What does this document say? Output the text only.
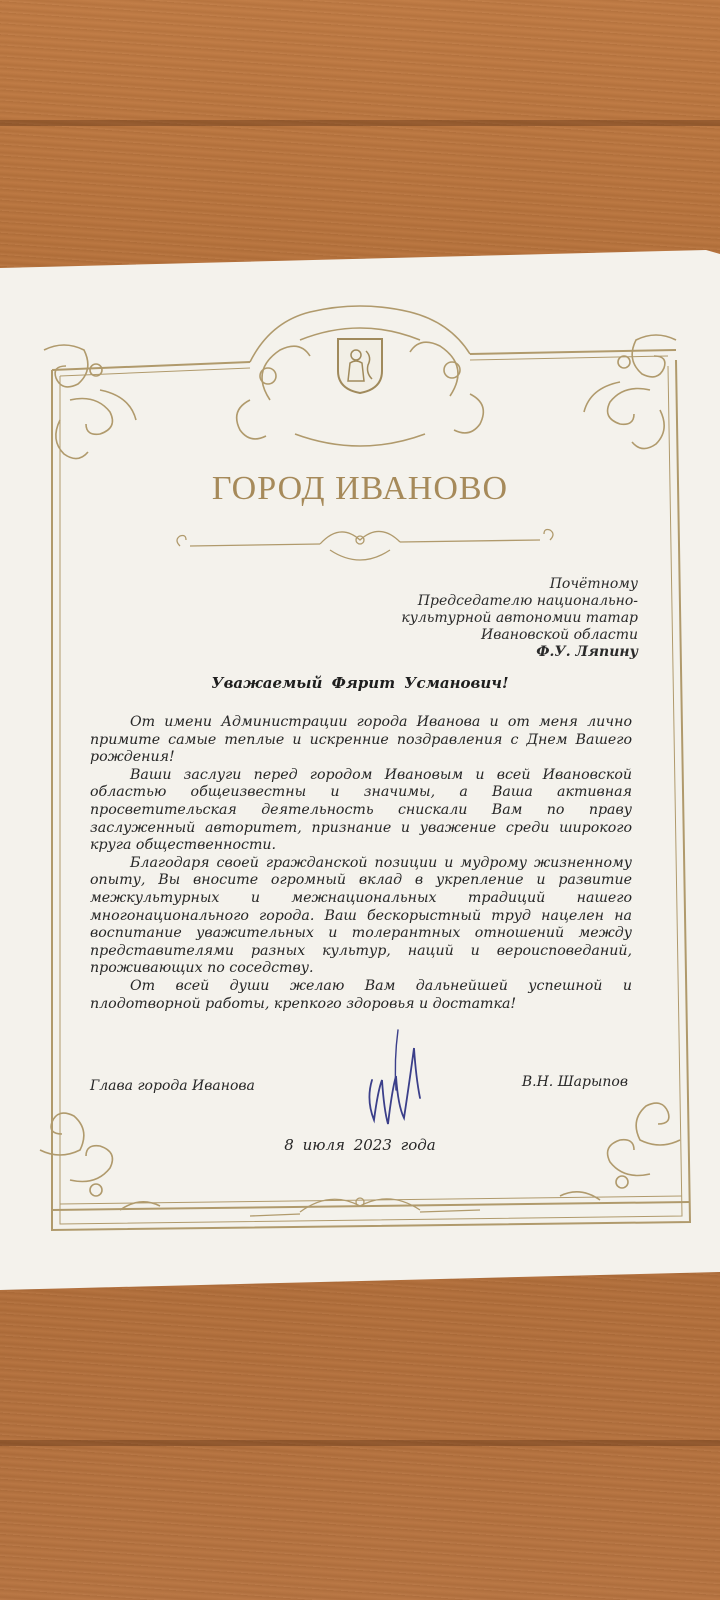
ГОРОД ИВАНОВО
Почётному
Председателю национально-
культурной автономии татар
Ивановской области
Ф.У. Ляпину
Уважаемый Фярит Усманович!

От имени Администрации города Иванова и от меня лично примите самые теплые и искренние поздравления с Днем Вашего рождения!

Ваши заслуги перед городом Ивановым и всей Ивановской областью общеизвестны и значимы, а Ваша активная просветительская деятельность снискали Вам по праву заслуженный авторитет, признание и уважение среди широкого круга общественности.

Благодаря своей гражданской позиции и мудрому жизненному опыту, Вы вносите огромный вклад в укрепление и развитие межкультурных и межнациональных традиций нашего многонационального города. Ваш бескорыстный труд нацелен на воспитание уважительных и толерантных отношений между представителями разных культур, наций и вероисповеданий, проживающих по соседству.

От всей души желаю Вам дальнейшей успешной и плодотворной работы, крепкого здоровья и достатка!

Глава города Иванова	В.Н. Шарыпов
8 июля 2023 года
